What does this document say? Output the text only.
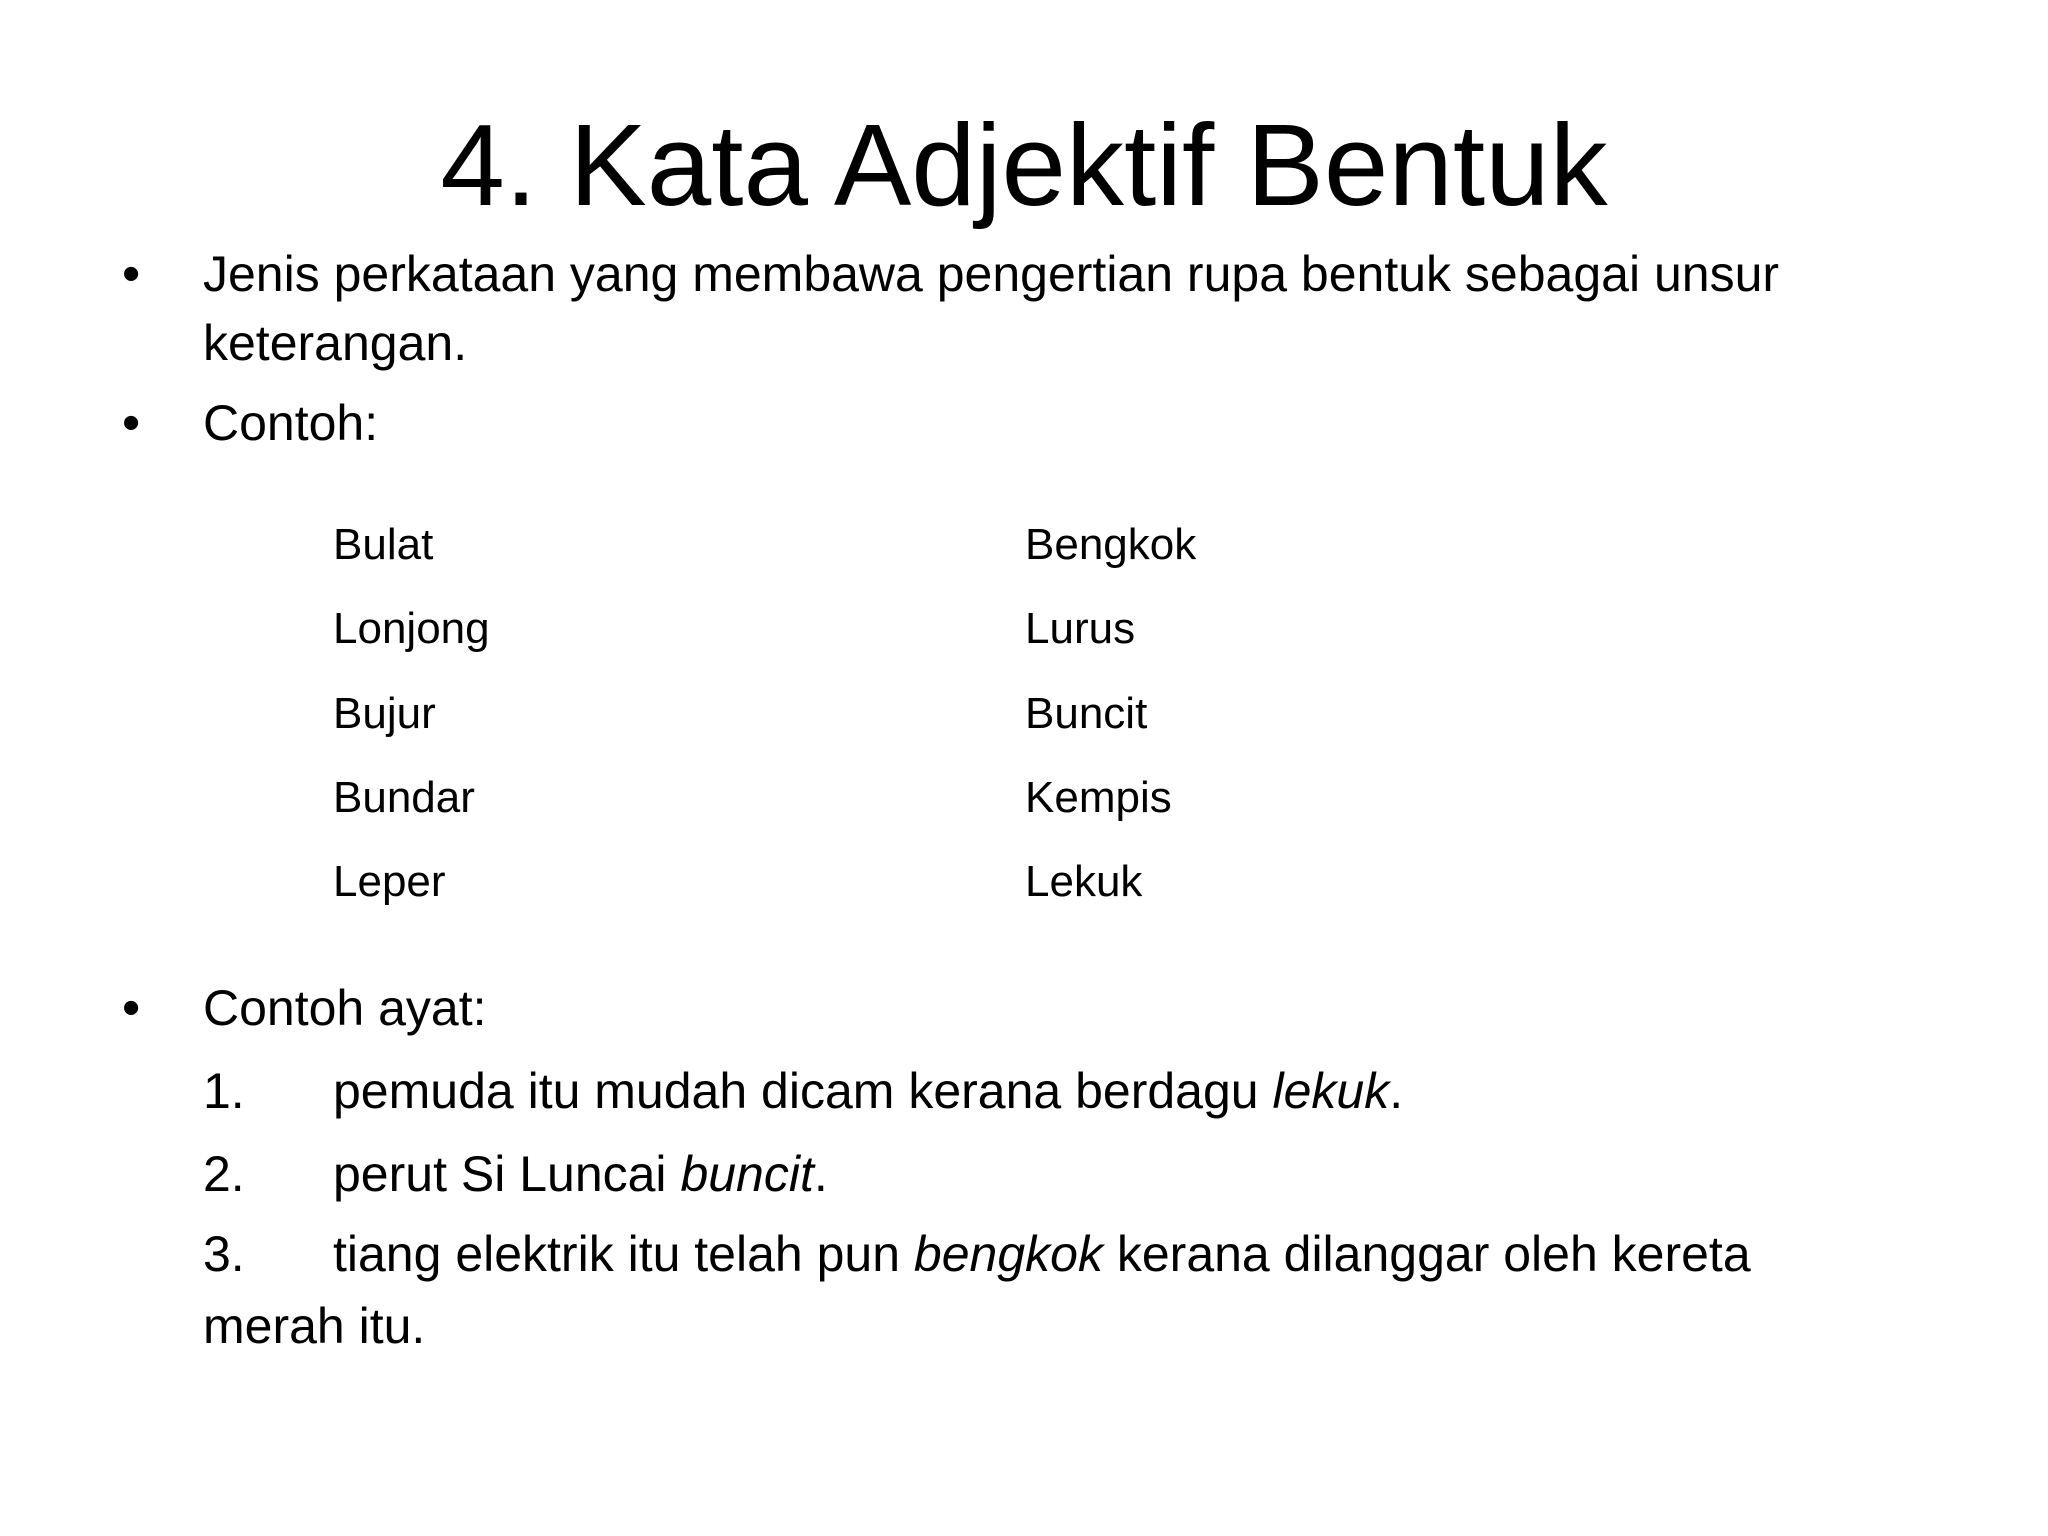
4. Kata Adjektif Bentuk
• Jenis perkataan yang membawa pengertian rupa bentuk sebagai unsur
keterangan.
• Contoh:
Bulat	Bengkok
Lonjong	Lurus
Bujur	Buncit
Bundar	Kempis
Leper	Lekuk
• Contoh ayat:
1. pemuda itu mudah dicam kerana berdagu lekuk.
2. perut Si Luncai buncit.
3. tiang elektrik itu telah pun bengkok kerana dilanggar oleh kereta
merah itu.
